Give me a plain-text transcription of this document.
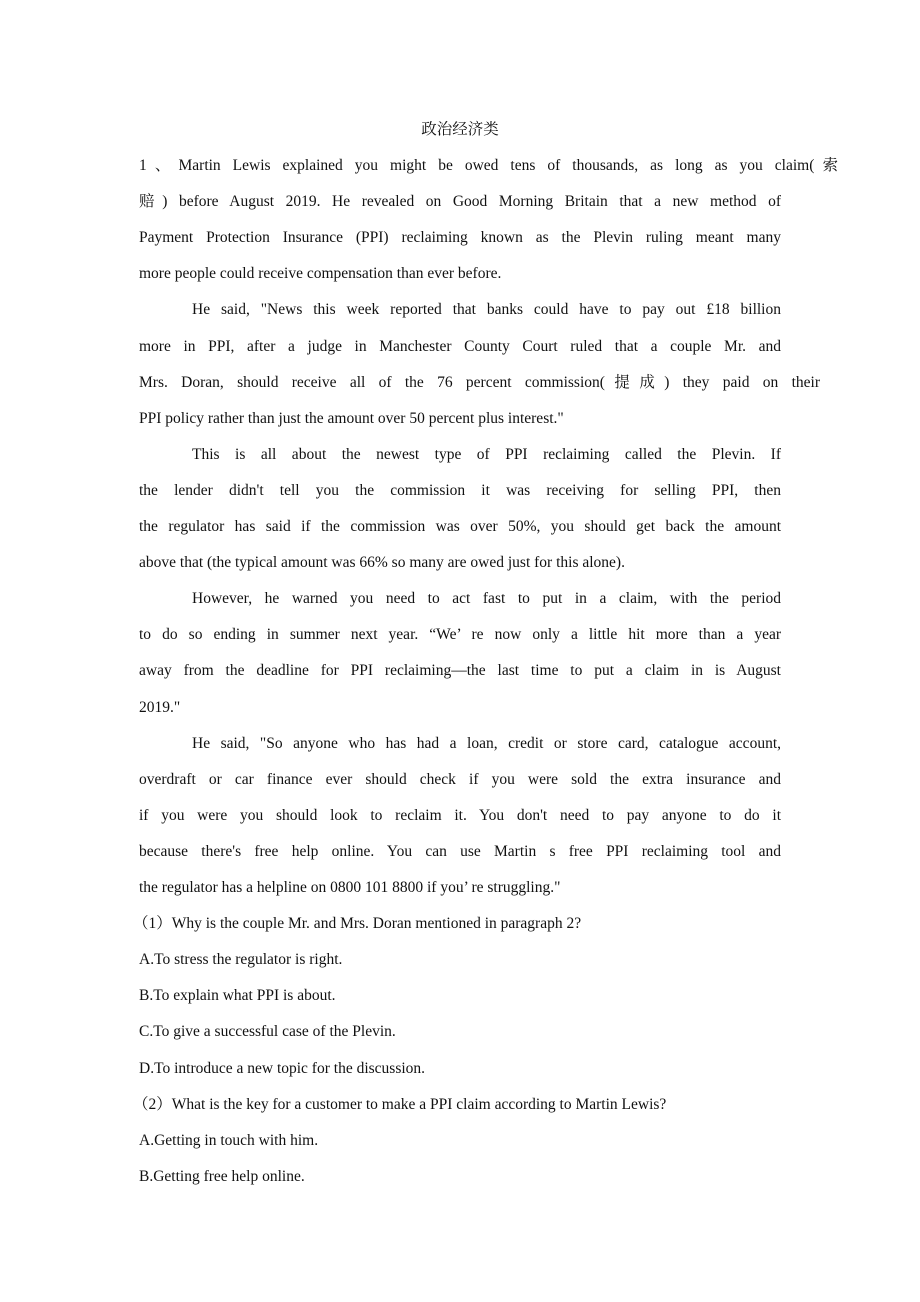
政治经济类
1、Martin Lewis explained you might be owed tens of thousands, as long as you claim(索
赔) before August 2019. He revealed on Good Morning Britain that a new method of
Payment Protection Insurance (PPI) reclaiming known as the Plevin ruling meant many
more people could receive compensation than ever before.
He said, "News this week reported that banks could have to pay out £18 billion
more in PPI, after a judge in Manchester County Court ruled that a couple Mr. and
Mrs. Doran, should receive all of the 76 percent commission(提成) they paid on their
PPI policy rather than just the amount over 50 percent plus interest."
This is all about the newest type of PPI reclaiming called the Plevin. If
the lender didn't tell you the commission it was receiving for selling PPI, then
the regulator has said if the commission was over 50%, you should get back the amount
above that (the typical amount was 66% so many are owed just for this alone).
However, he warned you need to act fast to put in a claim, with the period
to do so ending in summer next year. “We’ re now only a little hit more than a year
away from the deadline for PPI reclaiming—the last time to put a claim in is August
2019."
He said, "So anyone who has had a loan, credit or store card, catalogue account,
overdraft or car finance ever should check if you were sold the extra insurance and
if you were you should look to reclaim it. You don't need to pay anyone to do it
because there's free help online. You can use Martin s free PPI reclaiming tool and
the regulator has a helpline on 0800 101 8800 if you’ re struggling."
（1）Why is the couple Mr. and Mrs. Doran mentioned in paragraph 2?
A.To stress the regulator is right.
B.To explain what PPI is about.
C.To give a successful case of the Plevin.
D.To introduce a new topic for the discussion.
（2）What is the key for a customer to make a PPI claim according to Martin Lewis?
A.Getting in touch with him.
B.Getting free help online.
